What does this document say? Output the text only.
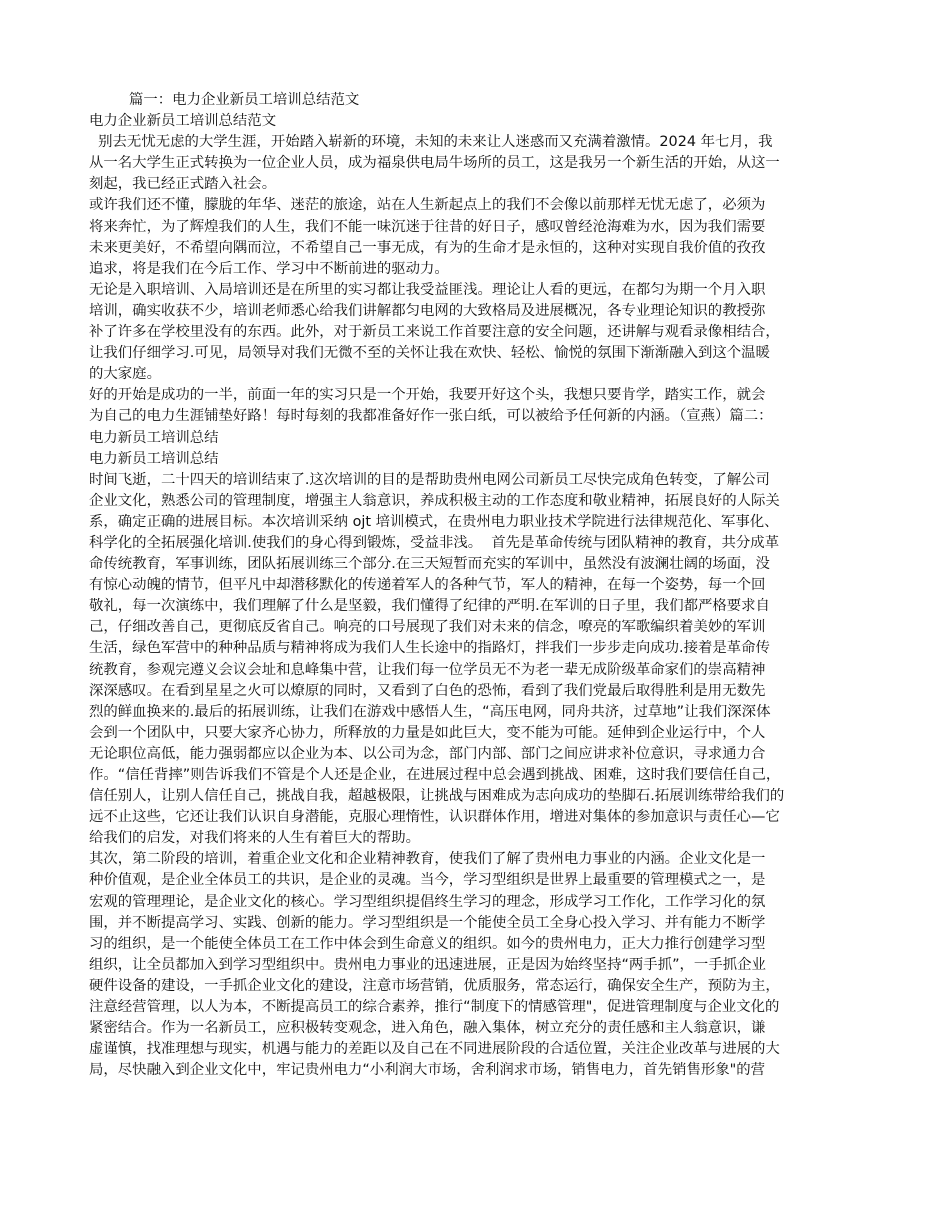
篇一：电力企业新员工培训总结范文
电力企业新员工培训总结范文
别去无忧无虑的大学生涯，开始踏入崭新的环境，未知的未来让人迷惑而又充满着激情。2024 年七月，我
从一名大学生正式转换为一位企业人员，成为福泉供电局牛场所的员工，这是我另一个新生活的开始，从这一
刻起，我已经正式踏入社会。
或许我们还不懂，朦胧的年华、迷茫的旅途，站在人生新起点上的我们不会像以前那样无忧无虑了，必须为
将来奔忙，为了辉煌我们的人生，我们不能一味沉迷于往昔的好日子，感叹曾经沧海难为水，因为我们需要
未来更美好，不希望向隅而泣，不希望自己一事无成，有为的生命才是永恒的，这种对实现自我价值的孜孜
追求，将是我们在今后工作、学习中不断前进的驱动力。
无论是入职培训、入局培训还是在所里的实习都让我受益匪浅。理论让人看的更远，在都匀为期一个月入职
培训，确实收获不少，培训老师悉心给我们讲解都匀电网的大致格局及进展概况，各专业理论知识的教授弥
补了许多在学校里没有的东西。此外，对于新员工来说工作首要注意的安全问题，还讲解与观看录像相结合，
让我们仔细学习.可见，局领导对我们无微不至的关怀让我在欢快、轻松、愉悦的氛围下渐渐融入到这个温暖
的大家庭。
好的开始是成功的一半，前面一年的实习只是一个开始，我要开好这个头，我想只要肯学，踏实工作，就会
为自己的电力生涯铺垫好路！每时每刻的我都准备好作一张白纸，可以被给予任何新的内涵。（宣燕）篇二：
电力新员工培训总结
电力新员工培训总结
时间飞逝，二十四天的培训结束了.这次培训的目的是帮助贵州电网公司新员工尽快完成角色转变，了解公司
企业文化，熟悉公司的管理制度，增强主人翁意识，养成积极主动的工作态度和敬业精神，拓展良好的人际关
系，确定正确的进展目标。本次培训采纳 ojt 培训模式，在贵州电力职业技术学院进行法律规范化、军事化、
科学化的全拓展强化培训.使我们的身心得到锻炼，受益非浅。  首先是革命传统与团队精神的教育，共分成革
命传统教育，军事训练，团队拓展训练三个部分.在三天短暂而充实的军训中，虽然没有波澜壮阔的场面，没
有惊心动魄的情节，但平凡中却潜移默化的传递着军人的各种气节，军人的精神，在每一个姿势，每一个回
敬礼，每一次演练中，我们理解了什么是坚毅，我们懂得了纪律的严明.在军训的日子里，我们都严格要求自
己，仔细改善自己，更彻底反省自己。响亮的口号展现了我们对未来的信念，嘹亮的军歌编织着美妙的军训
生活，绿色军营中的种种品质与精神将成为我们人生长途中的指路灯，拌我们一步步走向成功.接着是革命传
统教育，参观完遵义会议会址和息峰集中营，让我们每一位学员无不为老一辈无成阶级革命家们的崇高精神
深深感叹。在看到星星之火可以燎原的同时，又看到了白色的恐怖，看到了我们党最后取得胜利是用无数先
烈的鲜血换来的.最后的拓展训练，让我们在游戏中感悟人生，“高压电网，同舟共济，过草地”让我们深深体
会到一个团队中，只要大家齐心协力，所释放的力量是如此巨大，变不能为可能。延伸到企业运行中，个人
无论职位高低，能力强弱都应以企业为本、以公司为念，部门内部、部门之间应讲求补位意识，寻求通力合
作。“信任背摔”则告诉我们不管是个人还是企业，在进展过程中总会遇到挑战、困难，这时我们要信任自己，
信任别人，让别人信任自己，挑战自我，超越极限，让挑战与困难成为志向成功的垫脚石.拓展训练带给我们的
远不止这些，它还让我们认识自身潜能，克服心理惰性，认识群体作用，增进对集体的参加意识与责任心—它
给我们的启发，对我们将来的人生有着巨大的帮助。
其次，第二阶段的培训，着重企业文化和企业精神教育，使我们了解了贵州电力事业的内涵。企业文化是一
种价值观，是企业全体员工的共识，是企业的灵魂。当今，学习型组织是世界上最重要的管理模式之一，是
宏观的管理理论，是企业文化的核心。学习型组织提倡终生学习的理念，形成学习工作化，工作学习化的氛
围，并不断提高学习、实践、创新的能力。学习型组织是一个能使全员工全身心投入学习、并有能力不断学
习的组织，是一个能使全体员工在工作中体会到生命意义的组织。如今的贵州电力，正大力推行创建学习型
组织，让全员都加入到学习型组织中。贵州电力事业的迅速进展，正是因为始终坚持“两手抓”，一手抓企业
硬件设备的建设，一手抓企业文化的建设，注意市场营销，优质服务，常态运行，确保安全生产，预防为主，
注意经营管理，以人为本，不断提高员工的综合素养，推行“制度下的情感管理"，促进管理制度与企业文化的
紧密结合。作为一名新员工，应积极转变观念，进入角色，融入集体，树立充分的责任感和主人翁意识，谦
虚谨慎，找准理想与现实，机遇与能力的差距以及自己在不同进展阶段的合适位置，关注企业改革与进展的大
局，尽快融入到企业文化中，牢记贵州电力“小利润大市场，舍利润求市场，销售电力，首先销售形象"的营
